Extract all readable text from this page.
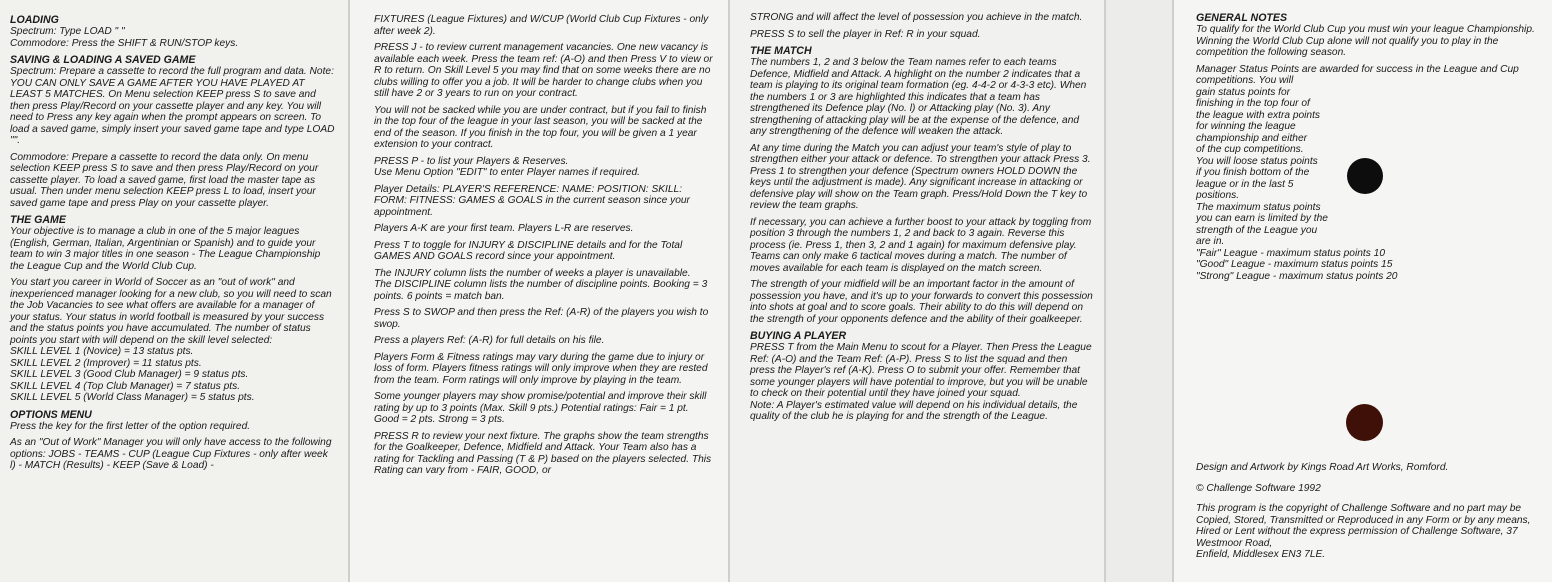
LOADING

Spectrum: Type LOAD " "
Commodore: Press the SHIFT & RUN/STOP keys.

SAVING & LOADING A SAVED GAME

Spectrum: Prepare a cassette to record the full program and data. Note: YOU CAN ONLY SAVE A GAME AFTER YOU HAVE PLAYED AT LEAST 5 MATCHES. On Menu selection KEEP press S to save and then press Play/Record on your cassette player and any key. You will need to Press any key again when the prompt appears on screen. To load a saved game, simply insert your saved game tape and type LOAD "".

Commodore: Prepare a cassette to record the data only. On menu selection KEEP press S to save and then press Play/Record on your cassette player. To load a saved game, first load the master tape as usual. Then under menu selection KEEP press L to load, insert your saved game tape and press Play on your cassette player.

THE GAME

Your objective is to manage a club in one of the 5 major leagues (English, German, Italian, Argentinian or Spanish) and to guide your team to win 3 major titles in one season - The League Championship the League Cup and the World Club Cup.

You start you career in World of Soccer as an "out of work" and inexperienced manager looking for a new club, so you will need to scan the Job Vacancies to see what offers are available for a manager of your status. Your status in world football is measured by your success and the status points you have accumulated. The number of status points you start with will depend on the skill level selected:
SKILL LEVEL 1 (Novice) = 13 status pts.
SKILL LEVEL 2 (Improver) = 11 status pts.
SKILL LEVEL 3 (Good Club Manager) = 9 status pts.
SKILL LEVEL 4 (Top Club Manager) = 7 status pts.
SKILL LEVEL 5 (World Class Manager) = 5 status pts.

OPTIONS MENU

Press the key for the first letter of the option required.

As an "Out of Work" Manager you will only have access to the following options: JOBS - TEAMS - CUP (League Cup Fixtures - only after week l) - MATCH (Results) - KEEP (Save & Load) -

FIXTURES (League Fixtures) and W/CUP (World Club Cup Fixtures - only after week 2).

PRESS J - to review current management vacancies. One new vacancy is available each week. Press the team ref: (A-O) and then Press V to view or R to return. On Skill Level 5 you may find that on some weeks there are no clubs willing to offer you a job. It will be harder to change clubs when you still have 2 or 3 years to run on your contract.

You will not be sacked while you are under contract, but if you fail to finish in the top four of the league in your last season, you will be sacked at the end of the season. If you finish in the top four, you will be given a 1 year extension to your contract.

PRESS P - to list your Players & Reserves.
Use Menu Option "EDIT" to enter Player names if required.

Player Details: PLAYER'S REFERENCE: NAME: POSITION: SKILL: FORM: FITNESS: GAMES & GOALS in the current season since your appointment.

Players A-K are your first team. Players L-R are reserves.

Press T to toggle for INJURY & DISCIPLINE details and for the Total GAMES AND GOALS record since your appointment.

The INJURY column lists the number of weeks a player is unavailable.
The DISCIPLINE column lists the number of discipline points. Booking = 3 points. 6 points = match ban.

Press S to SWOP and then press the Ref: (A-R) of the players you wish to swop.

Press a players Ref: (A-R) for full details on his file.

Players Form & Fitness ratings may vary during the game due to injury or loss of form. Players fitness ratings will only improve when they are rested from the team. Form ratings will only improve by playing in the team.

Some younger players may show promise/potential and improve their skill rating by up to 3 points (Max. Skill 9 pts.) Potential ratings: Fair = 1 pt. Good = 2 pts. Strong = 3 pts.

PRESS R to review your next fixture. The graphs show the team strengths for the Goalkeeper, Defence, Midfield and Attack. Your Team also has a rating for Tackling and Passing (T & P) based on the players selected. This Rating can vary from - FAIR, GOOD, or

STRONG and will affect the level of possession you achieve in the match.

PRESS S to sell the player in Ref: R in your squad.

THE MATCH

The numbers 1, 2 and 3 below the Team names refer to each teams Defence, Midfield and Attack. A highlight on the number 2 indicates that a team is playing to its original team formation (eg. 4-4-2 or 4-3-3 etc). When the numbers 1 or 3 are highlighted this indicates that a team has strengthened its Defence play (No. l) or Attacking play (No. 3). Any strengthening of attacking play will be at the expense of the defence, and any strengthening of the defence will weaken the attack.

At any time during the Match you can adjust your team's style of play to strengthen either your attack or defence. To strengthen your attack Press 3. Press 1 to strengthen your defence (Spectrum owners HOLD DOWN the keys until the adjustment is made). Any significant increase in attacking or defensive play will show on the Team graph. Press/Hold Down the T key to review the team graphs.

If necessary, you can achieve a further boost to your attack by toggling from position 3 through the numbers 1, 2 and back to 3 again. Reverse this process (ie. Press 1, then 3, 2 and 1 again) for maximum defensive play. Teams can only make 6 tactical moves during a match. The number of moves available for each team is displayed on the match screen.

The strength of your midfield will be an important factor in the amount of possession you have, and it's up to your forwards to convert this possession into shots at goal and to score goals. Their ability to do this will depend on the strength of your opponents defence and the ability of their goalkeeper.

BUYING A PLAYER

PRESS T from the Main Menu to scout for a Player. Then Press the League Ref: (A-O) and the Team Ref: (A-P). Press S to list the squad and then press the Player's ref (A-K). Press O to submit your offer. Remember that some younger players will have potential to improve, but you will be unable to check on their potential until they have joined your squad.

Note: A Player's estimated value will depend on his individual details, the quality of the club he is playing for and the strength of the League.

GENERAL NOTES

To qualify for the World Club Cup you must win your league Championship. Winning the World Club Cup alone will not qualify you to play in the competition the following season.

Manager Status Points are awarded for success in the League and Cup competitions. You will
gain status points for
finishing in the top four of
the league with extra points
for winning the league
championship and either
of the cup competitions.
You will loose status points
if you finish bottom of the
league or in the last 5
positions.
The maximum status points
you can earn is limited by the
strength of the League you
are in.
"Fair" League - maximum status points 10
"Good" League - maximum status points 15
"Strong" League - maximum status points 20

Design and Artwork by Kings Road Art Works, Romford.

© Challenge Software 1992

This program is the copyright of Challenge Software and no part may be Copied, Stored, Transmitted or Reproduced in any Form or by any means, Hired or Lent without the express permission of Challenge Software, 37 Westmoor Road,
Enfield, Middlesex EN3 7LE.
